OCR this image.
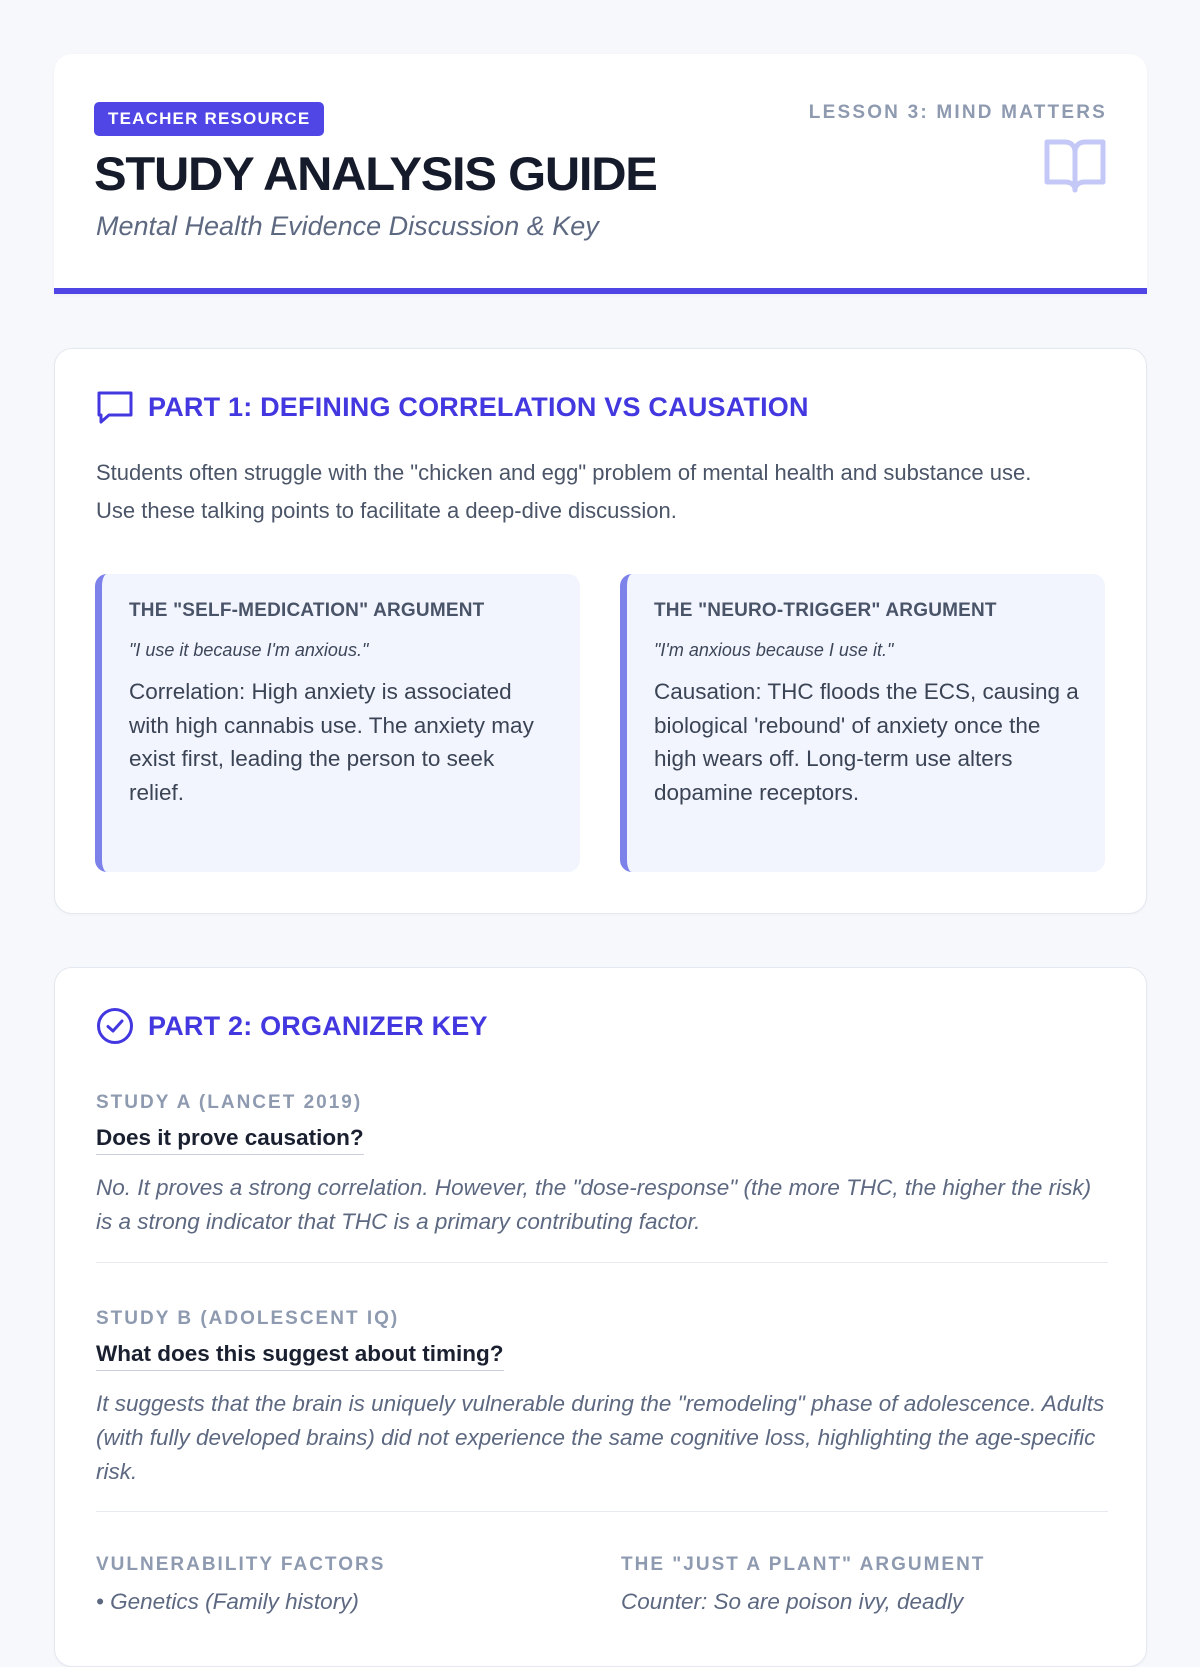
TEACHER RESOURCE
STUDY ANALYSIS GUIDE
Mental Health Evidence Discussion & Key
LESSON 3: MIND MATTERS
PART 1: DEFINING CORRELATION VS CAUSATION

Students often struggle with the "chicken and egg" problem of mental health and substance use. Use these talking points to facilitate a deep-dive discussion.

THE "SELF-MEDICATION" ARGUMENT
"I use it because I'm anxious."
Correlation: High anxiety is associated with high cannabis use. The anxiety may exist first, leading the person to seek relief.
THE "NEURO-TRIGGER" ARGUMENT
"I'm anxious because I use it."
Causation: THC floods the ECS, causing a biological 'rebound' of anxiety once the high wears off. Long-term use alters dopamine receptors.
PART 2: ORGANIZER KEY
STUDY A (LANCET 2019)
Does it prove causation?
No. It proves a strong correlation. However, the "dose-response" (the more THC, the higher the risk) is a strong indicator that THC is a primary contributing factor.
STUDY B (ADOLESCENT IQ)
What does this suggest about timing?
It suggests that the brain is uniquely vulnerable during the "remodeling" phase of adolescence. Adults (with fully developed brains) did not experience the same cognitive loss, highlighting the age-specific risk.
VULNERABILITY FACTORS
• Genetics (Family history)
THE "JUST A PLANT" ARGUMENT
Counter: So are poison ivy, deadly
